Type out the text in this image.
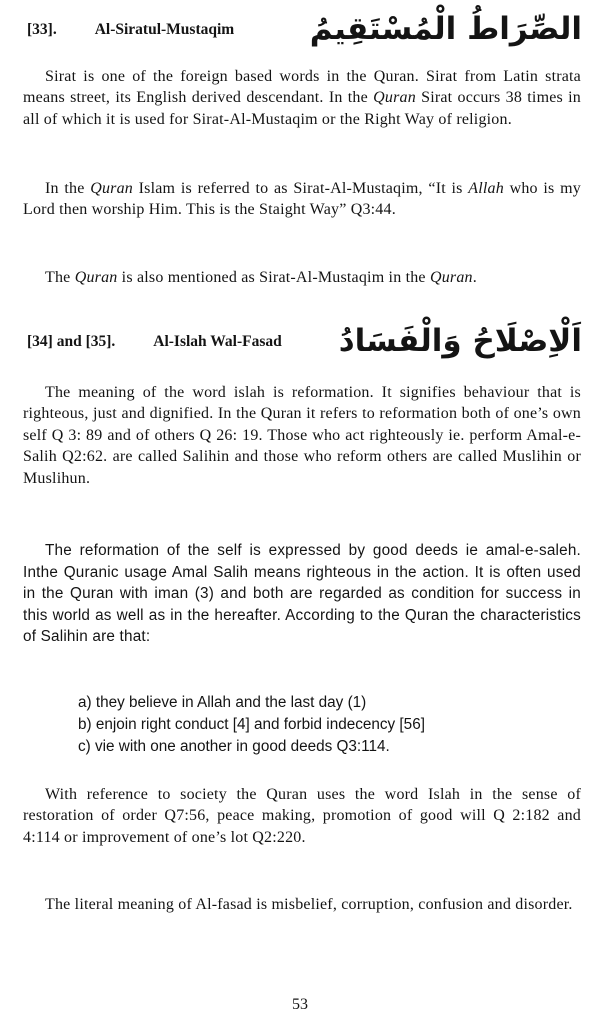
[33]. Al-Siratul-Mustaqim الصِّرَاطُ الْمُسْتَقِيمُ

Sirat is one of the foreign based words in the Quran. Sirat from Latin strata means street, its English derived descendant. In the Quran Sirat occurs 38 times in all of which it is used for Sirat-Al-Mustaqim or the Right Way of religion.

In the Quran Islam is referred to as Sirat-Al-Mustaqim, “It is Allah who is my Lord then worship Him. This is the Staight Way” Q3:44.

The Quran is also mentioned as Sirat-Al-Mustaqim in the Quran.

[34] and [35]. Al-Islah Wal-Fasad اَلْاِصْلَاحُ وَالْفَسَادُ

The meaning of the word islah is reformation. It signifies behaviour that is righteous, just and dignified. In the Quran it refers to reformation both of one’s own self Q 3: 89 and of others Q 26: 19. Those who act righteously ie. perform Amal-e-Salih Q2:62. are called Salihin and those who reform others are called Muslihin or Muslihun.

The reformation of the self is expressed by good deeds ie amal-e-saleh. Inthe Quranic usage Amal Salih means righteous in the action. It is often used in the Quran with iman (3) and both are regarded as condition for success in this world as well as in the hereafter. According to the Quran the characteristics of Salihin are that:

a) they believe in Allah and the last day (1)
b) enjoin right conduct [4] and forbid indecency [56]
c) vie with one another in good deeds Q3:114.

With reference to society the Quran uses the word Islah in the sense of restoration of order Q7:56, peace making, promotion of good will Q 2:182 and 4:114 or improvement of one’s lot Q2:220.

The literal meaning of Al-fasad is misbelief, corruption, confusion and disorder.

53
